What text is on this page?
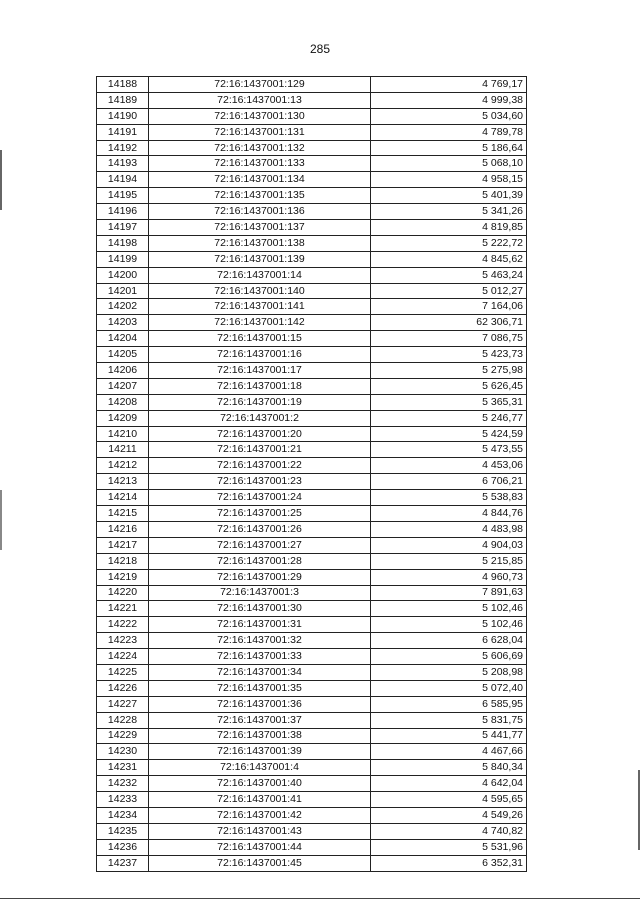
285
14188	72:16:1437001:129	4 769,17
14189	72:16:1437001:13	4 999,38
14190	72:16:1437001:130	5 034,60
14191	72:16:1437001:131	4 789,78
14192	72:16:1437001:132	5 186,64
14193	72:16:1437001:133	5 068,10
14194	72:16:1437001:134	4 958,15
14195	72:16:1437001:135	5 401,39
14196	72:16:1437001:136	5 341,26
14197	72:16:1437001:137	4 819,85
14198	72:16:1437001:138	5 222,72
14199	72:16:1437001:139	4 845,62
14200	72:16:1437001:14	5 463,24
14201	72:16:1437001:140	5 012,27
14202	72:16:1437001:141	7 164,06
14203	72:16:1437001:142	62 306,71
14204	72:16:1437001:15	7 086,75
14205	72:16:1437001:16	5 423,73
14206	72:16:1437001:17	5 275,98
14207	72:16:1437001:18	5 626,45
14208	72:16:1437001:19	5 365,31
14209	72:16:1437001:2	5 246,77
14210	72:16:1437001:20	5 424,59
14211	72:16:1437001:21	5 473,55
14212	72:16:1437001:22	4 453,06
14213	72:16:1437001:23	6 706,21
14214	72:16:1437001:24	5 538,83
14215	72:16:1437001:25	4 844,76
14216	72:16:1437001:26	4 483,98
14217	72:16:1437001:27	4 904,03
14218	72:16:1437001:28	5 215,85
14219	72:16:1437001:29	4 960,73
14220	72:16:1437001:3	7 891,63
14221	72:16:1437001:30	5 102,46
14222	72:16:1437001:31	5 102,46
14223	72:16:1437001:32	6 628,04
14224	72:16:1437001:33	5 606,69
14225	72:16:1437001:34	5 208,98
14226	72:16:1437001:35	5 072,40
14227	72:16:1437001:36	6 585,95
14228	72:16:1437001:37	5 831,75
14229	72:16:1437001:38	5 441,77
14230	72:16:1437001:39	4 467,66
14231	72:16:1437001:4	5 840,34
14232	72:16:1437001:40	4 642,04
14233	72:16:1437001:41	4 595,65
14234	72:16:1437001:42	4 549,26
14235	72:16:1437001:43	4 740,82
14236	72:16:1437001:44	5 531,96
14237	72:16:1437001:45	6 352,31
